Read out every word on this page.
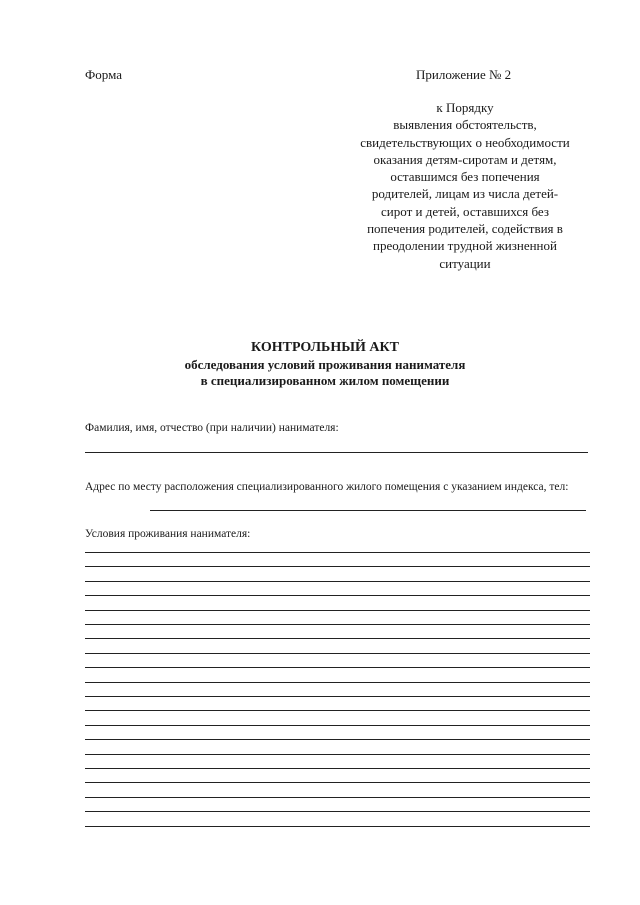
Форма	Приложение № 2
к Порядку
выявления обстоятельств,
свидетельствующих о необходимости
оказания детям-сиротам и детям,
оставшимся без попечения
родителей, лицам из числа детей-
сирот и детей, оставшихся без
попечения родителей, содействия в
преодолении трудной жизненной
ситуации
КОНТРОЛЬНЫЙ АКТ
обследования условий проживания нанимателя
в специализированном жилом помещении
Фамилия, имя, отчество (при наличии) нанимателя:
Адрес по месту расположения специализированного жилого помещения с указанием индекса, тел:
Условия проживания нанимателя:
